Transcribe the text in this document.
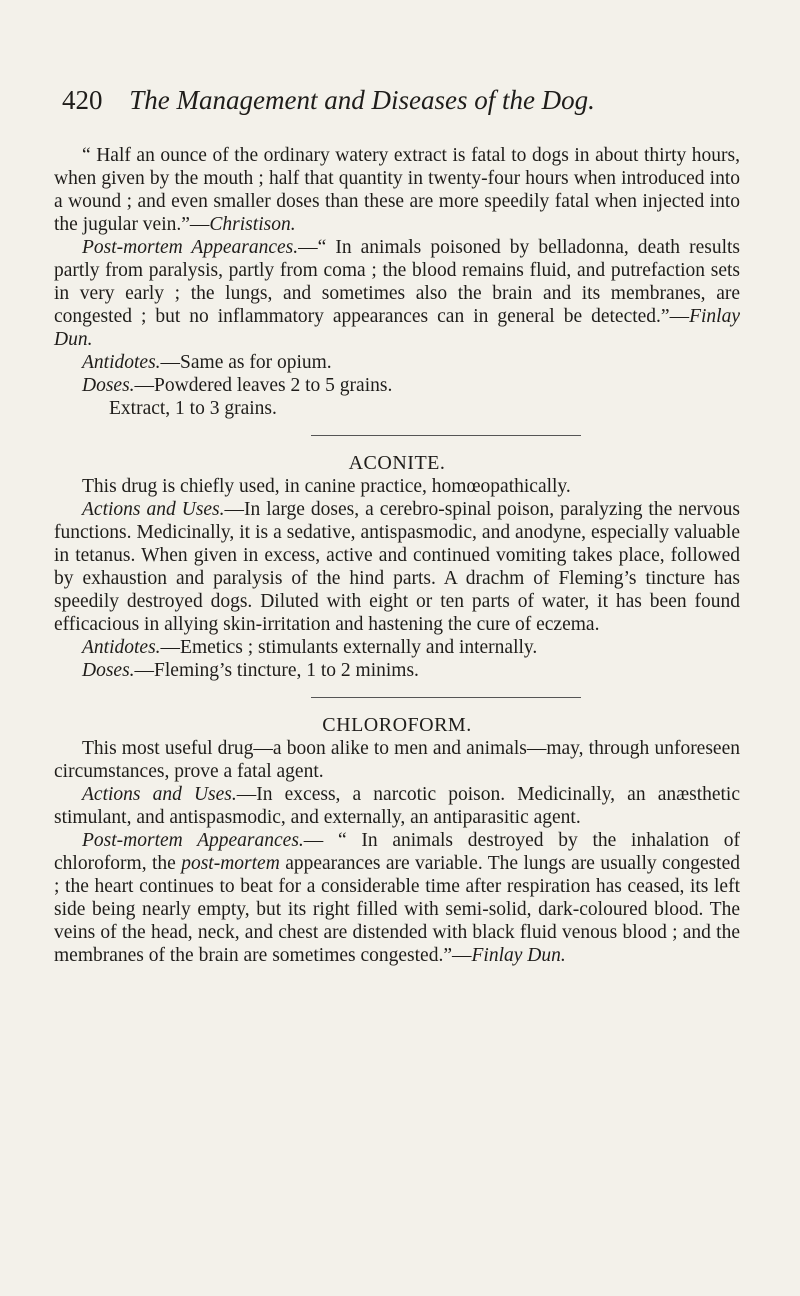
420 The Management and Diseases of the Dog.

“ Half an ounce of the ordinary watery extract is fatal to dogs in about thirty hours, when given by the mouth ; half that quantity in twenty-four hours when introduced into a wound ; and even smaller doses than these are more speedily fatal when injected into the jugular vein.”—Christison.

Post-mortem Appearances.—“ In animals poisoned by belladonna, death results partly from paralysis, partly from coma ; the blood remains fluid, and putrefaction sets in very early ; the lungs, and sometimes also the brain and its membranes, are congested ; but no inflammatory appearances can in general be detected.”—Finlay Dun.

Antidotes.—Same as for opium.

Doses.—Powdered leaves 2 to 5 grains.

Extract, 1 to 3 grains.

ACONITE.

This drug is chiefly used, in canine practice, homœopathically.

Actions and Uses.—In large doses, a cerebro-spinal poison, paralyzing the nervous functions. Medicinally, it is a sedative, antispasmodic, and anodyne, especially valuable in tetanus. When given in excess, active and continued vomiting takes place, followed by exhaustion and paralysis of the hind parts. A drachm of Fleming’s tincture has speedily destroyed dogs. Diluted with eight or ten parts of water, it has been found efficacious in allying skin-irritation and hastening the cure of eczema.

Antidotes.—Emetics ; stimulants externally and internally.

Doses.—Fleming’s tincture, 1 to 2 minims.

CHLOROFORM.

This most useful drug—a boon alike to men and animals—may, through unforeseen circumstances, prove a fatal agent.

Actions and Uses.—In excess, a narcotic poison. Medicinally, an anæsthetic stimulant, and antispasmodic, and externally, an antiparasitic agent.

Post-mortem Appearances.— “ In animals destroyed by the inhalation of chloroform, the post-mortem appearances are variable. The lungs are usually congested ; the heart continues to beat for a considerable time after respiration has ceased, its left side being nearly empty, but its right filled with semi-solid, dark-coloured blood. The veins of the head, neck, and chest are distended with black fluid venous blood ; and the membranes of the brain are sometimes congested.”—Finlay Dun.
